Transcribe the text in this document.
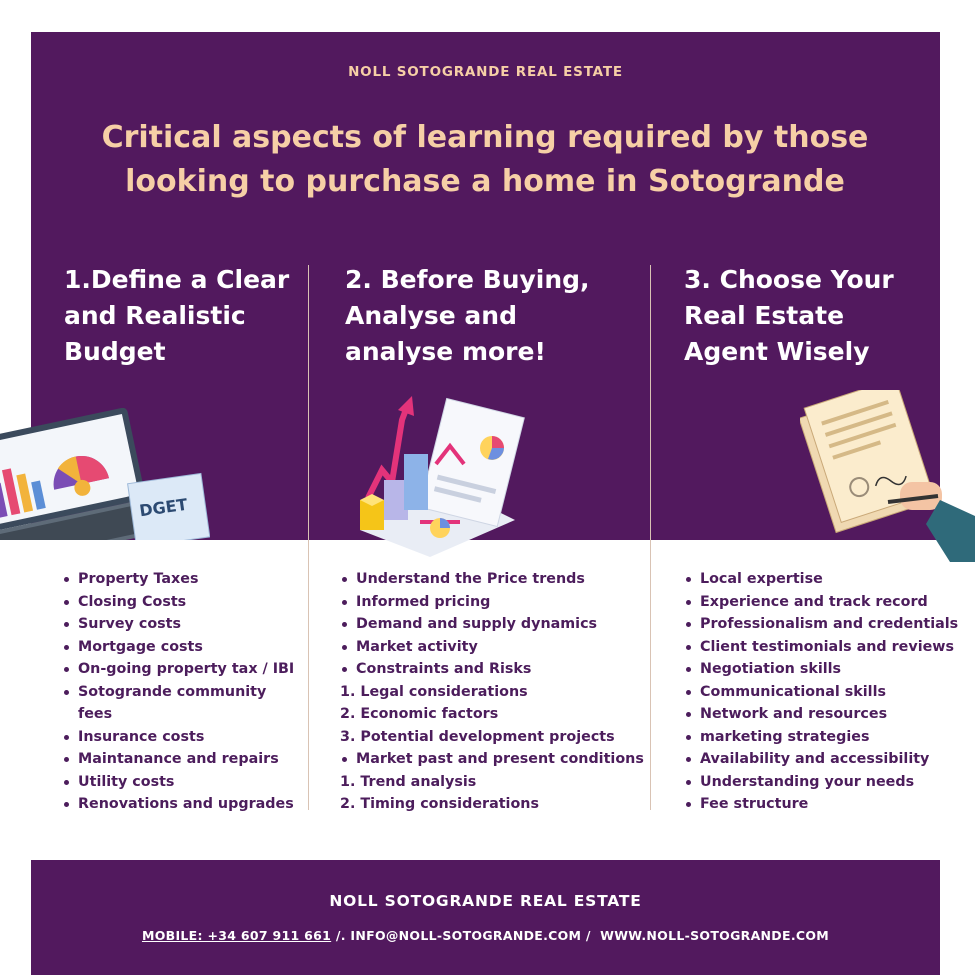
NOLL SOTOGRANDE REAL ESTATE
Critical aspects of learning required by those
looking to purchase a home in Sotogrande
1.Define a Clear
and Realistic
Budget
2. Before Buying,
Analyse and
analyse more!
3. Choose Your
Real Estate
Agent Wisely
DGET
Property Taxes
Closing Costs
Survey costs
Mortgage costs
On-going property tax / IBI
Sotogrande community
fees
Insurance costs
Maintanance and repairs
Utility costs
Renovations and upgrades
Understand the Price trends
Informed pricing
Demand and supply dynamics
Market activity
Constraints and Risks
1. Legal considerations
2. Economic factors
3. Potential development projects
Market past and present conditions
1. Trend analysis
2. Timing considerations
Local expertise
Experience and track record
Professionalism and credentials
Client testimonials and reviews
Negotiation skills
Communicational skills
Network and resources
marketing strategies
Availability and accessibility
Understanding your needs
Fee structure
NOLL SOTOGRANDE REAL ESTATE
MOBILE: +34 607 911 661 /. INFO@NOLL-SOTOGRANDE.COM /  WWW.NOLL-SOTOGRANDE.COM
